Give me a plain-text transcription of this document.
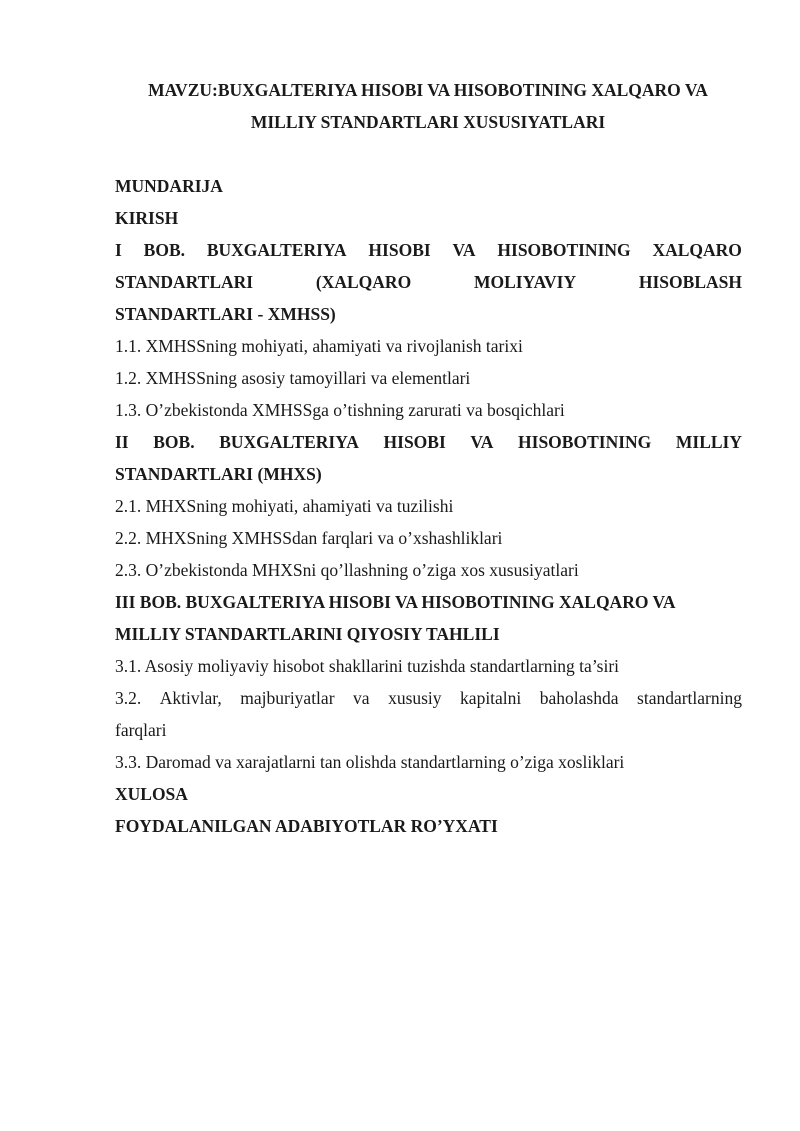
MAVZU:BUXGALTERIYA HISOBI VA HISOBOTINING XALQARO VA
MILLIY STANDARTLARI XUSUSIYATLARI
MUNDARIJA
KIRISH
I BOB. BUXGALTERIYA HISOBI VA HISOBOTINING XALQARO
STANDARTLARI	(XALQARO	MOLIYAVIY	HISOBLASH
STANDARTLARI - XMHSS)
1.1. XMHSSning mohiyati, ahamiyati va rivojlanish tarixi
1.2. XMHSSning asosiy tamoyillari va elementlari
1.3. O’zbekistonda XMHSSga o’tishning zarurati va bosqichlari
II BOB. BUXGALTERIYA HISOBI VA HISOBOTINING MILLIY
STANDARTLARI (MHXS)
2.1. MHXSning mohiyati, ahamiyati va tuzilishi
2.2. MHXSning XMHSSdan farqlari va o’xshashliklari
2.3. O’zbekistonda MHXSni qo’llashning o’ziga xos xususiyatlari
III BOB. BUXGALTERIYA HISOBI VA HISOBOTINING XALQARO VA
MILLIY STANDARTLARINI QIYOSIY TAHLILI
3.1. Asosiy moliyaviy hisobot shakllarini tuzishda standartlarning ta’siri
3.2. Aktivlar, majburiyatlar va xususiy kapitalni baholashda standartlarning
farqlari
3.3. Daromad va xarajatlarni tan olishda standartlarning o’ziga xosliklari
XULOSA
FOYDALANILGAN ADABIYOTLAR RO’YXATI
